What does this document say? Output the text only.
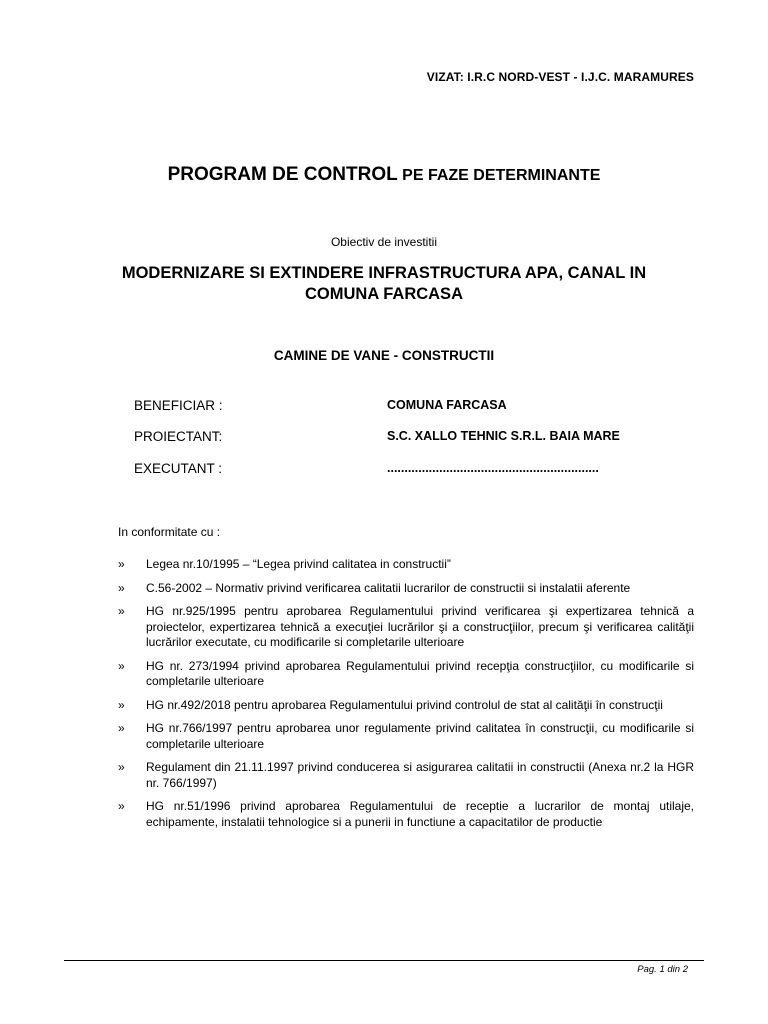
VIZAT: I.R.C NORD-VEST - I.J.C. MARAMURES
PROGRAM DE CONTROL PE FAZE DETERMINANTE
Obiectiv de investitii
MODERNIZARE SI EXTINDERE INFRASTRUCTURA APA, CANAL IN
COMUNA FARCASA
CAMINE DE VANE - CONSTRUCTII
BENEFICIAR :	COMUNA FARCASA
PROIECTANT:	S.C. XALLO TEHNIC S.R.L. BAIA MARE
EXECUTANT :	.............................................................
In conformitate cu :
»	Legea nr.10/1995 – “Legea privind calitatea in constructii”
»	C.56-2002 – Normativ privind verificarea calitatii lucrarilor de constructii si instalatii aferente
»	HG nr.925/1995 pentru aprobarea Regulamentului privind verificarea şi expertizarea tehnică a proiectelor, expertizarea tehnică a execuţiei lucrărilor şi a construcţiilor, precum şi verificarea calităţii lucrărilor executate, cu modificarile si completarile ulterioare
»	HG nr. 273/1994 privind aprobarea Regulamentului privind recepţia construcţiilor, cu modificarile si completarile ulterioare
»	HG nr.492/2018 pentru aprobarea Regulamentului privind controlul de stat al calităţii în construcţii
»	HG nr.766/1997 pentru aprobarea unor regulamente privind calitatea în construcţii, cu modificarile si completarile ulterioare
»	Regulament din 21.11.1997 privind conducerea si asigurarea calitatii in constructii (Anexa nr.2 la HGR nr. 766/1997)
»	HG nr.51/1996 privind aprobarea Regulamentului de receptie a lucrarilor de montaj utilaje, echipamente, instalatii tehnologice si a punerii in functiune a capacitatilor de productie
Pag. 1 din 2
